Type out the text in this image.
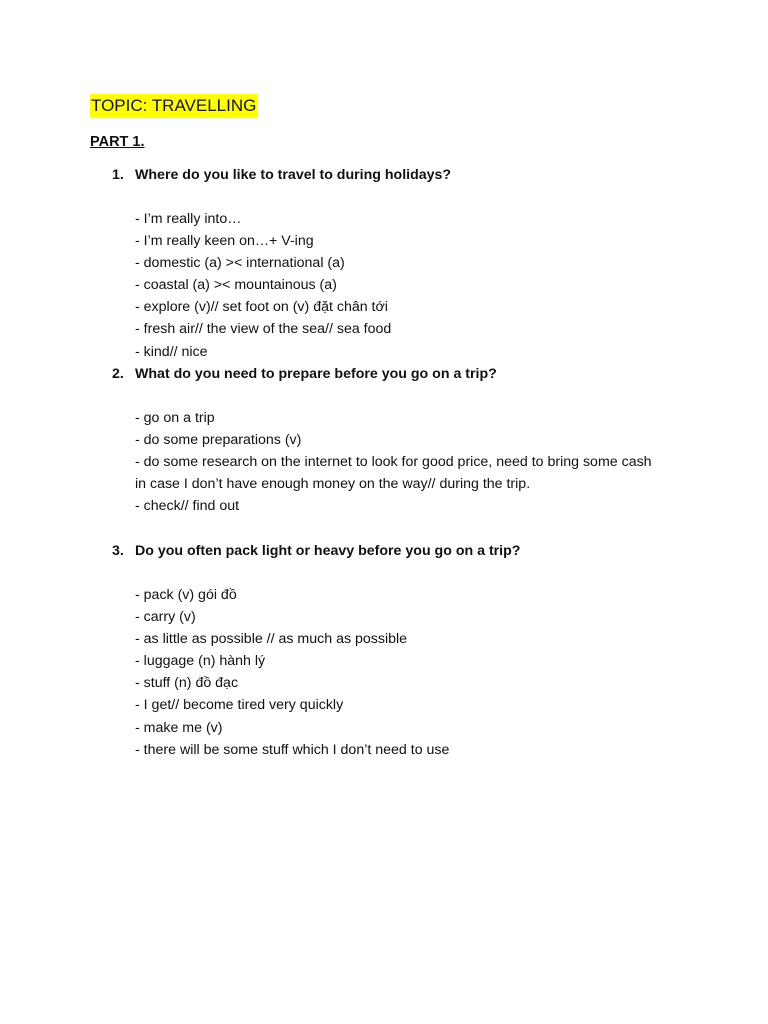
TOPIC: TRAVELLING
PART 1.
1. Where do you like to travel to during holidays?
- I’m really into…
- I’m really keen on…+ V-ing
- domestic (a) >< international (a)
- coastal (a) >< mountainous (a)
- explore (v)// set foot on (v) đặt chân tới
- fresh air// the view of the sea// sea food
- kind// nice
2. What do you need to prepare before you go on a trip?
- go on a trip
- do some preparations (v)
- do some research on the internet to look for good price, need to bring some cash in case I don’t have enough money on the way// during the trip.
- check// find out
3. Do you often pack light or heavy before you go on a trip?
- pack (v) gói đồ
- carry (v)
- as little as possible // as much as possible
- luggage (n) hành lý
- stuff (n) đồ đạc
- I get// become tired very quickly
- make me (v)
- there will be some stuff which I don’t need to use
